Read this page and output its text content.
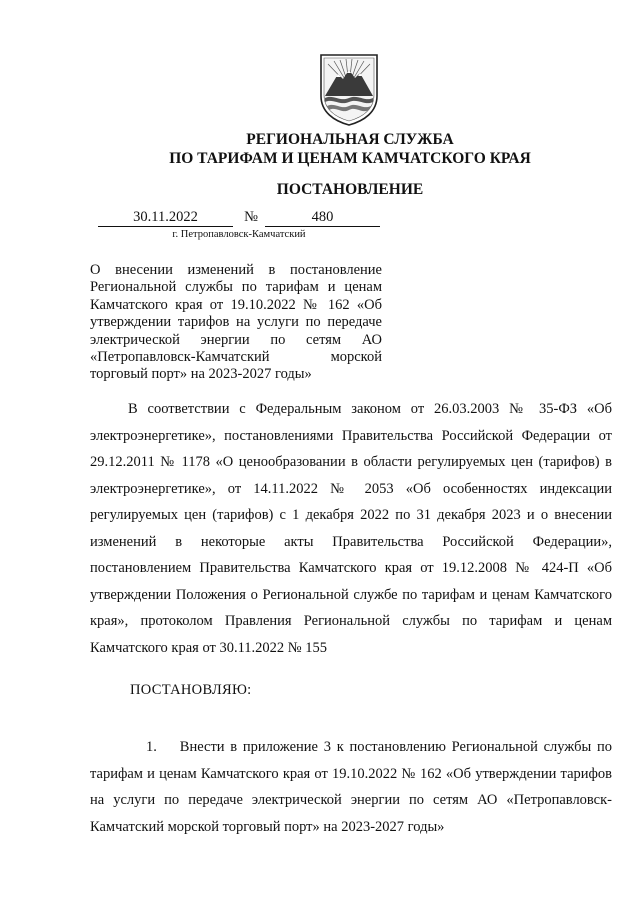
РЕГИОНАЛЬНАЯ СЛУЖБА
ПО ТАРИФАМ И ЦЕНАМ КАМЧАТСКОГО КРАЯ
ПОСТАНОВЛЕНИЕ
30.11.2022	№	480
г. Петропавловск-Камчатский
О внесении изменений в постановление Региональной службы по тарифам и ценам Камчатского края от 19.10.2022 № 162 «Об утверждении тарифов на услуги по передаче электрической энергии по сетям АО «Петропавловск-Камчатский морской торговый порт» на 2023-2027 годы»
В соответствии с Федеральным законом от 26.03.2003 № 35-ФЗ «Об электроэнергетике», постановлениями Правительства Российской Федерации от 29.12.2011 № 1178 «О ценообразовании в области регулируемых цен (тарифов) в электроэнергетике», от 14.11.2022 № 2053 «Об особенностях индексации регулируемых цен (тарифов) с 1 декабря 2022 по 31 декабря 2023 и о внесении изменений в некоторые акты Правительства Российской Федерации», постановлением Правительства Камчатского края от 19.12.2008 № 424-П «Об утверждении Положения о Региональной службе по тарифам и ценам Камчатского края», протоколом Правления Региональной службы по тарифам и ценам Камчатского края от 30.11.2022 № 155
ПОСТАНОВЛЯЮ:
1. Внести в приложение 3 к постановлению Региональной службы по тарифам и ценам Камчатского края от 19.10.2022 № 162 «Об утверждении тарифов на услуги по передаче электрической энергии по сетям АО «Петропавловск-Камчатский морской торговый порт» на 2023-2027 годы»
